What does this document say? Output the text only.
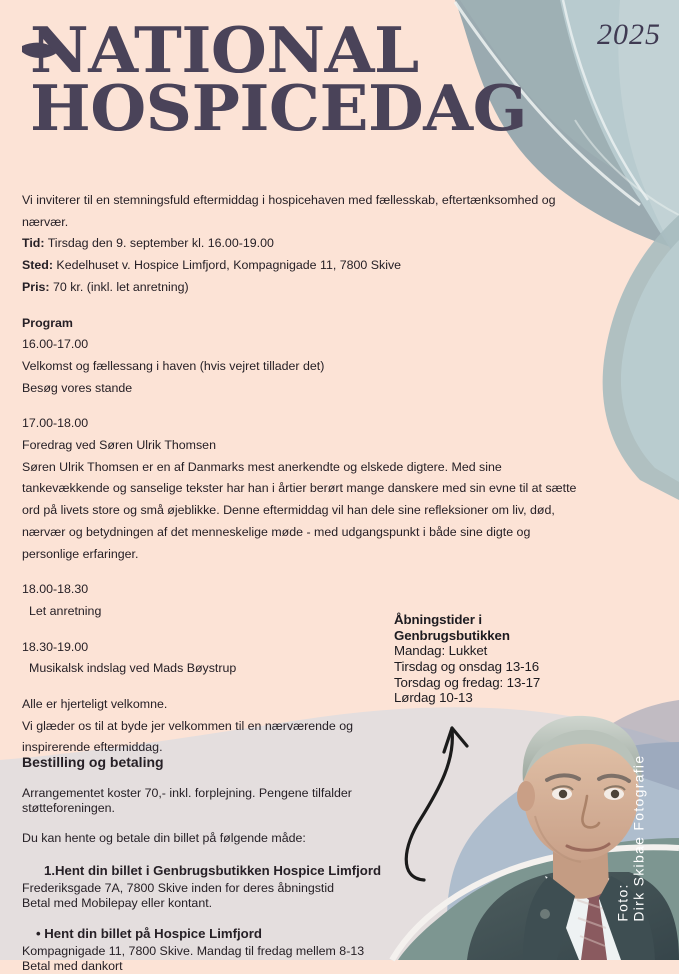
2025
NATIONAL
HOSPICEDAG

Vi inviterer til en stemningsfuld eftermiddag i hospicehaven med fællesskab, eftertænksomhed og nærvær.

Tid: Tirsdag den 9. september kl. 16.00-19.00

Sted: Kedelhuset v. Hospice Limfjord, Kompagnigade 11, 7800 Skive

Pris: 70 kr. (inkl. let anretning)

Program

16.00-17.00

Velkomst og fællessang i haven (hvis vejret tillader det)

Besøg vores stande

17.00-18.00

Foredrag ved Søren Ulrik Thomsen

Søren Ulrik Thomsen er en af Danmarks mest anerkendte og elskede digtere. Med sine tankevækkende og sanselige tekster har han i årtier berørt mange danskere med sin evne til at sætte ord på livets store og små øjeblikke. Denne eftermiddag vil han dele sine refleksioner om liv, død, nærvær og betydningen af det menneskelige møde - med udgangspunkt i både sine digte og personlige erfaringer.

18.00-18.30

Let anretning

18.30-19.00

Musikalsk indslag ved Mads Bøystrup

Alle er hjerteligt velkomne.

Vi glæder os til at byde jer velkommen til en nærværende og inspirerende eftermiddag.

Åbningstider i
Genbrugsbutikken
Mandag: Lukket
Tirsdag og onsdag 13-16
Torsdag og fredag: 13-17
Lørdag 10-13
Bestilling og betaling
Arrangementet koster 70,- inkl. forplejning. Pengene tilfalder
støtteforeningen.
Du kan hente og betale din billet på følgende måde:
1.Hent din billet i Genbrugsbutikken Hospice Limfjord
Frederiksgade 7A, 7800 Skive inden for deres åbningstid
Betal med Mobilepay eller kontant.
• Hent din billet på Hospice Limfjord
Kompagnigade 11, 7800 Skive. Mandag til fredag mellem 8-13
Betal med dankort
Foto: Dirk Skibae Fotografie
